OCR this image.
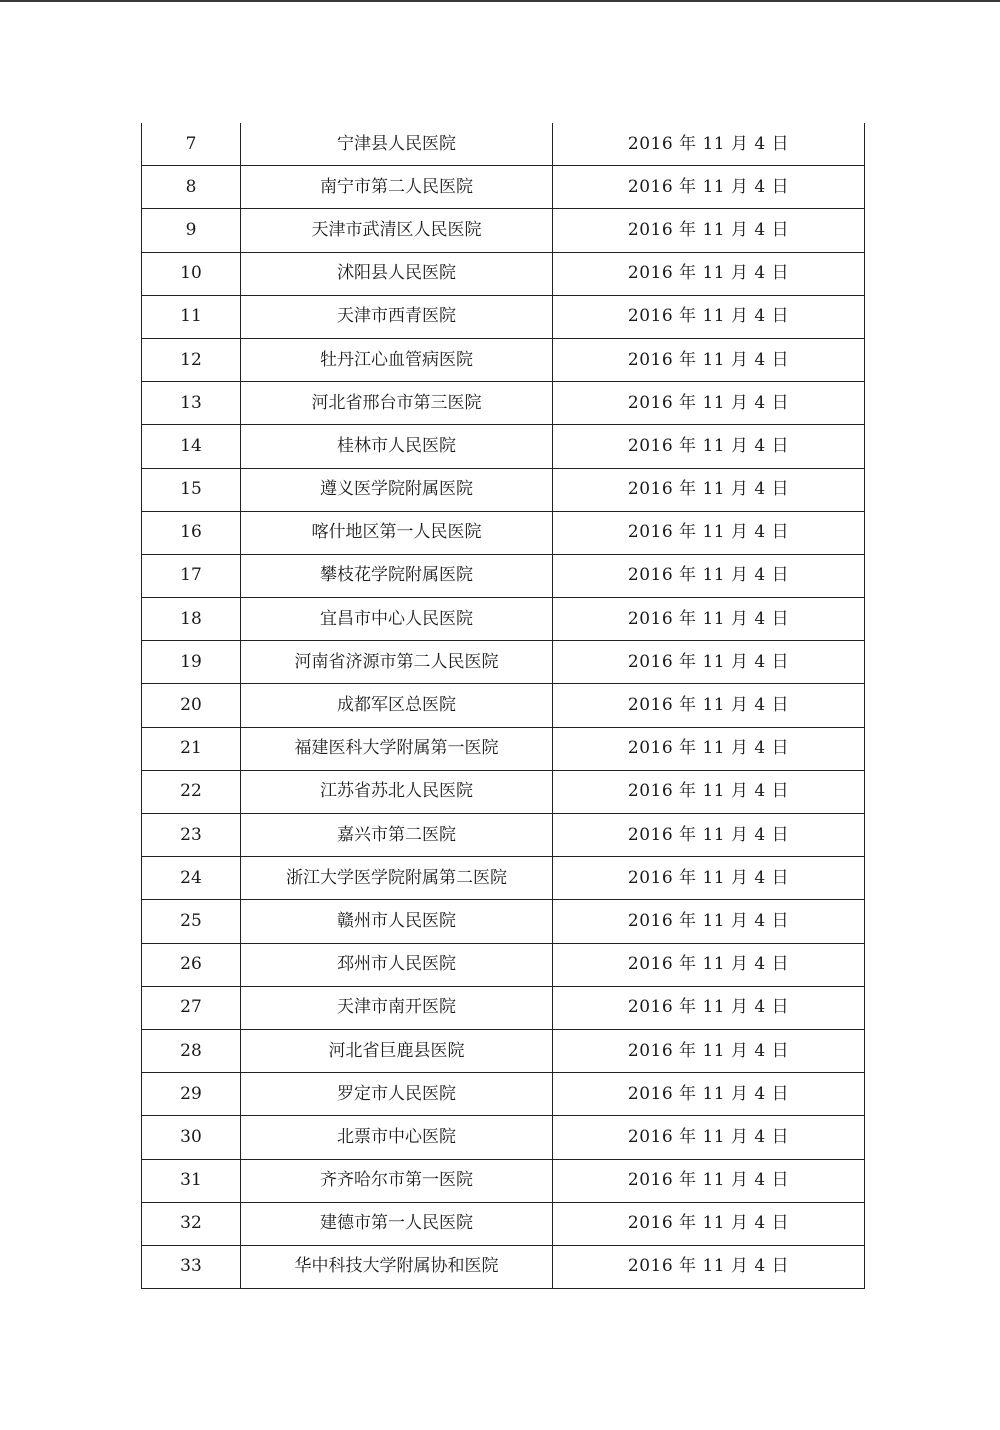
7	宁津县人民医院	2016 年 11 月 4 日
8	南宁市第二人民医院	2016 年 11 月 4 日
9	天津市武清区人民医院	2016 年 11 月 4 日
10	沭阳县人民医院	2016 年 11 月 4 日
11	天津市西青医院	2016 年 11 月 4 日
12	牡丹江心血管病医院	2016 年 11 月 4 日
13	河北省邢台市第三医院	2016 年 11 月 4 日
14	桂林市人民医院	2016 年 11 月 4 日
15	遵义医学院附属医院	2016 年 11 月 4 日
16	喀什地区第一人民医院	2016 年 11 月 4 日
17	攀枝花学院附属医院	2016 年 11 月 4 日
18	宜昌市中心人民医院	2016 年 11 月 4 日
19	河南省济源市第二人民医院	2016 年 11 月 4 日
20	成都军区总医院	2016 年 11 月 4 日
21	福建医科大学附属第一医院	2016 年 11 月 4 日
22	江苏省苏北人民医院	2016 年 11 月 4 日
23	嘉兴市第二医院	2016 年 11 月 4 日
24	浙江大学医学院附属第二医院	2016 年 11 月 4 日
25	赣州市人民医院	2016 年 11 月 4 日
26	邳州市人民医院	2016 年 11 月 4 日
27	天津市南开医院	2016 年 11 月 4 日
28	河北省巨鹿县医院	2016 年 11 月 4 日
29	罗定市人民医院	2016 年 11 月 4 日
30	北票市中心医院	2016 年 11 月 4 日
31	齐齐哈尔市第一医院	2016 年 11 月 4 日
32	建德市第一人民医院	2016 年 11 月 4 日
33	华中科技大学附属协和医院	2016 年 11 月 4 日
